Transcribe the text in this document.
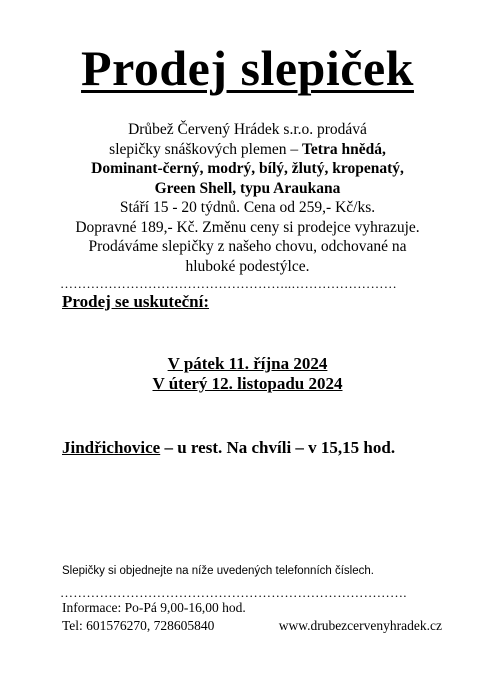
Prodej slepiček
Drůbež Červený Hrádek s.r.o. prodává
slepičky snáškových plemen – Tetra hnědá,
Dominant-černý, modrý, bílý, žlutý, kropenatý,
Green Shell, typu Araukana
Stáří 15 - 20 týdnů. Cena od 259,- Kč/ks.
Dopravné 189,- Kč. Změnu ceny si prodejce vyhrazuje.
Prodáváme slepičky z našeho chovu, odchované na
hluboké podestýlce.
……………………………………………..……………………
Prodej se uskuteční:
V pátek 11. října 2024
V úterý 12. listopadu 2024
Jindřichovice – u rest. Na chvíli – v 15,15 hod.
Slepičky si objednejte na níže uvedených telefonních číslech.
…………………………………………………………………….
Informace: Po-Pá 9,00-16,00 hod.
Tel: 601576270, 728605840	www.drubezcervenyhradek.cz
